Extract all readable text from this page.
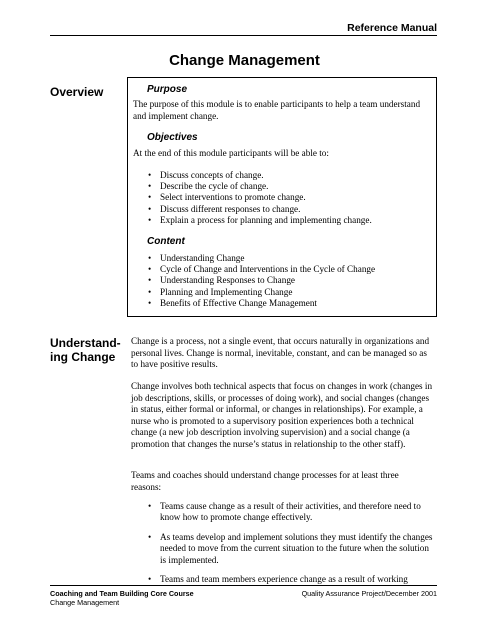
Reference Manual
Change Management
Overview	Purpose
The purpose of this module is to enable participants to help a team understand and implement change.
Objectives
At the end of this module participants will be able to:
• Discuss concepts of change.
• Describe the cycle of change.
• Select interventions to promote change.
• Discuss different responses to change.
• Explain a process for planning and implementing change.
Content
• Understanding Change
• Cycle of Change and Interventions in the Cycle of Change
• Understanding Responses to Change
• Planning and Implementing Change
• Benefits of Effective Change Management
Understand-
ing Change
Change is a process, not a single event, that occurs naturally in organizations and personal lives. Change is normal, inevitable, constant, and can be managed so as to have positive results.
Change involves both technical aspects that focus on changes in work (changes in job descriptions, skills, or processes of doing work), and social changes (changes in status, either formal or informal, or changes in relationships). For example, a nurse who is promoted to a supervisory position experiences both a technical change (a new job description involving supervision) and a social change (a promotion that changes the nurse’s status in relationship to the other staff).
Teams and coaches should understand change processes for at least three reasons:
• Teams cause change as a result of their activities, and therefore need to know how to promote change effectively.
• As teams develop and implement solutions they must identify the changes needed to move from the current situation to the future when the solution is implemented.
• Teams and team members experience change as a result of working
Coaching and Team Building Core Course
Change Management
Quality Assurance Project/December 2001
